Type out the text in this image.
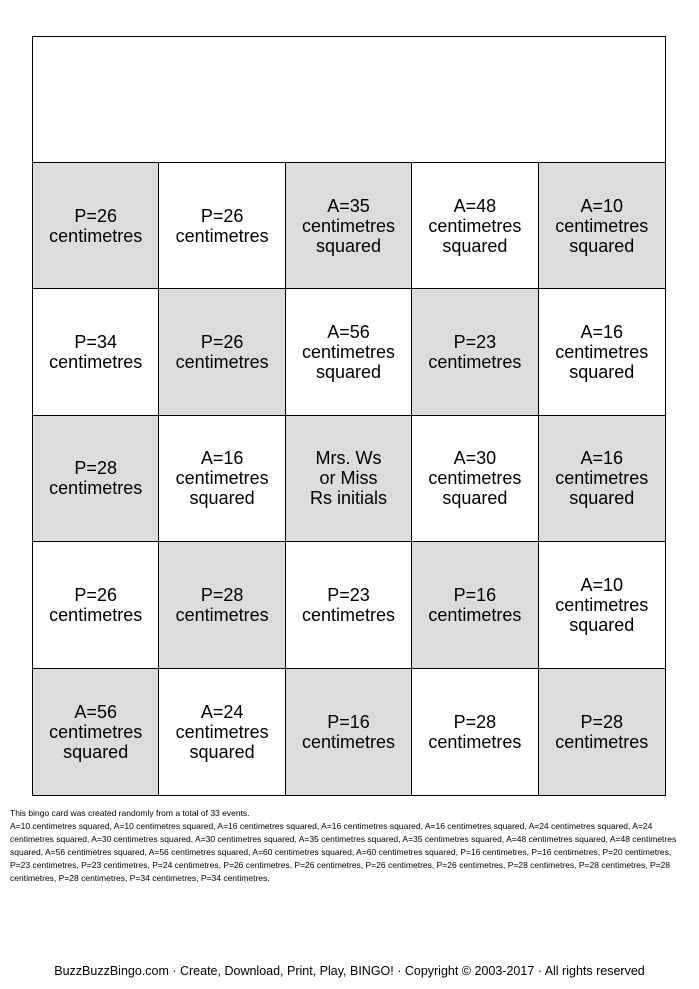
P=26
centimetres
P=26
centimetres
A=35
centimetres
squared
A=48
centimetres
squared
A=10
centimetres
squared
P=34
centimetres
P=26
centimetres
A=56
centimetres
squared
P=23
centimetres
A=16
centimetres
squared
P=28
centimetres
A=16
centimetres
squared
Mrs. Ws
or Miss
Rs initials
A=30
centimetres
squared
A=16
centimetres
squared
P=26
centimetres
P=28
centimetres
P=23
centimetres
P=16
centimetres
A=10
centimetres
squared
A=56
centimetres
squared
A=24
centimetres
squared
P=16
centimetres
P=28
centimetres
P=28
centimetres
This bingo card was created randomly from a total of 33 events.
A=10 centimetres squared, A=10 centimetres squared, A=16 centimetres squared, A=16 centimetres squared, A=16 centimetres squared, A=24 centimetres squared, A=24 centimetres squared, A=30 centimetres squared, A=30 centimetres squared, A=35 centimetres squared, A=35 centimetres squared, A=48 centimetres squared, A=48 centimetres squared, A=56 centimetres squared, A=56 centimetres squared, A=60 centimetres squared, A=60 centimetres squared, P=16 centimetres, P=16 centimetres, P=20 centimetres, P=23 centimetres, P=23 centimetres, P=24 centimetres, P=26 centimetres, P=26 centimetres, P=26 centimetres, P=26 centimetres, P=28 centimetres, P=28 centimetres, P=28 centimetres, P=28 centimetres, P=34 centimetres, P=34 centimetres.
BuzzBuzzBingo.com · Create, Download, Print, Play, BINGO! · Copyright © 2003-2017 · All rights reserved
